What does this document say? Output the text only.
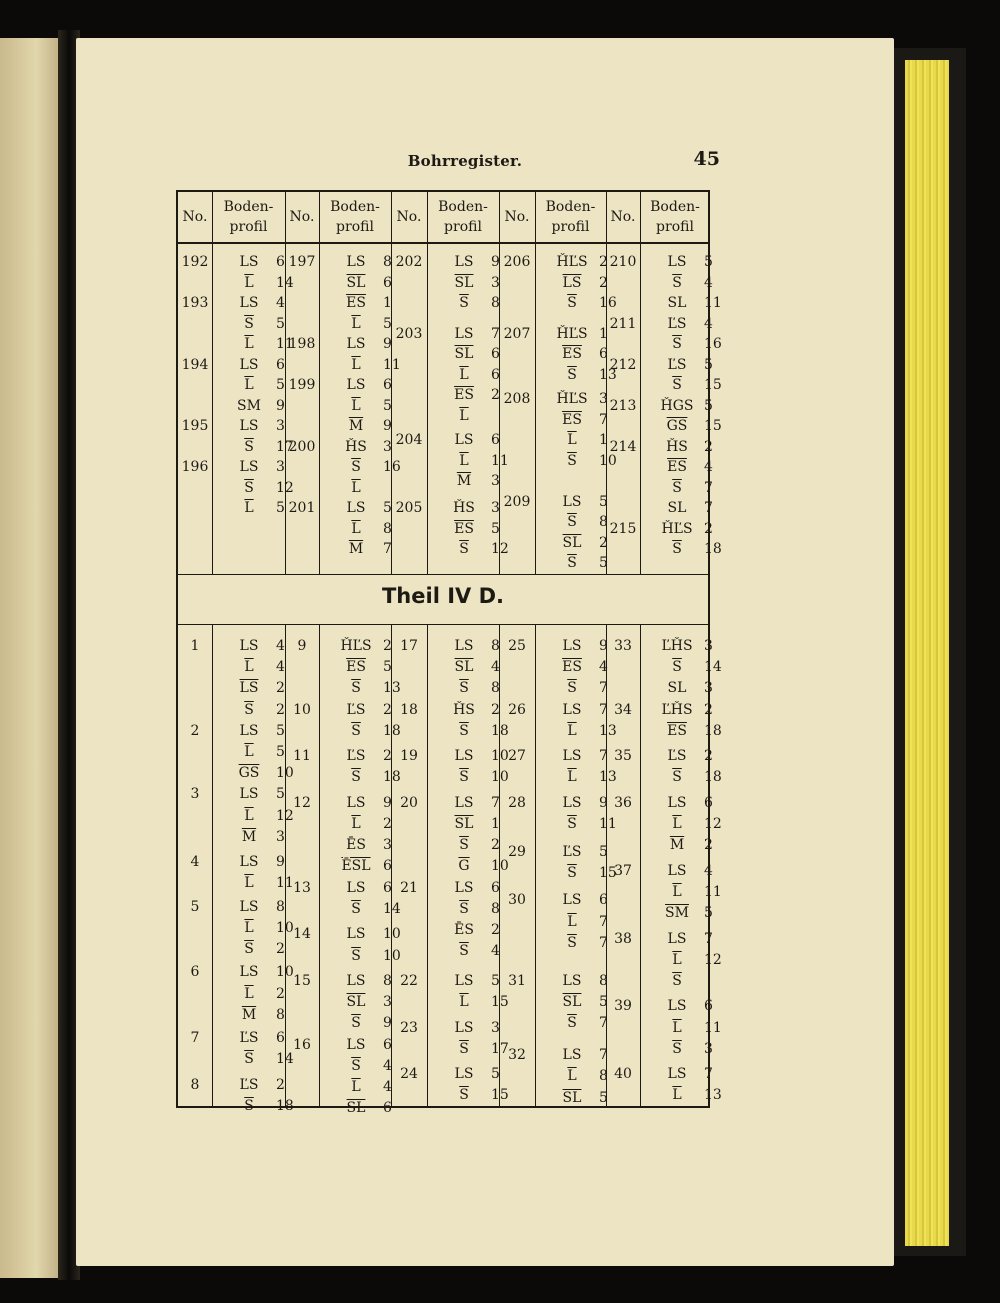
Bohrregister.	45
Theil IV D.
No.
Boden-
profil
No.
Boden-
profil
No.
Boden-
profil
No.
Boden-
profil
No.
Boden-
profil
192	LS	6
$\overline{L}$	14
193	LS	4
$\overline{S}$	5
$\overline{L}$	11
194	LS	6
$\overline{L}$	5
SM	9
195	LS	3
$\overline{S}$	17
196	LS	3
$\overline{S}$	12
$\overline{L}$	5
197	LS	8
$\overline{SL}$	6
$\overline{ES}$	1
$\overline{L}$	5
198	LS	9
$\overline{L}$	11
199	LS	6
$\overline{L}$	5
$\overline{M}$	9
200	ȞS	3
$\overline{S}$	16
$\overline{L}$
201	LS	5
$\overline{L}$	8
$\overline{M}$	7
202	LS	9
$\overline{SL}$	3
$\overline{S}$	8
203	LS	7
$\overline{SL}$	6
$\overline{L}$	6
$\overline{ES}$	2
$\overline{L}$
204	LS	6
$\overline{L}$	11
$\overline{M}$	3
205	ȞS	3
$\overline{ES}$	5
$\overline{S}$	12
206	ȞĽS 2
$\overline{LS}$	2
$\overline{S}$	16
207	ȞĽS 1
$\overline{ES}$	6
$\overline{S}$	13
208	ȞĽS 3
$\overline{ES}$	7
$\overline{L}$	1
$\overline{S}$	10
209	LS	5
$\overline{S}$	8
$\overline{SL}$	2
$\overline{S}$	5
210	LS	5
$\overline{S}$	4
SL	11
211	ĽS	4
$\overline{S}$	16
212	ĽS	5
$\overline{S}$	15
213	ȞGS 5
$\overline{GS}$	15
214	ȞS	2
$\overline{ES}$	4
$\overline{S}$	7
SL	7
215	ȞĽS 2
$\overline{S}$	18
1	LS	4
$\overline{L}$	4
$\overline{LS}$	2
$\overline{S}$	2
2	LS	5
$\overline{L}$	5
$\overline{GS}$	10
3	LS	5
$\overline{L}$	12
$\overline{M}$	3
4	LS	9
$\overline{L}$	11
5	LS	8
$\overline{L}$	10
$\overline{S}$	2
6	LS	10
$\overline{L}$	2
$\overline{M}$	8
7	ĽS	6
$\overline{S}$	14
8	ĽS	2
$\overline{S}$	18
9	ȞĽS 2
$\overline{ES}$	5
$\overline{S}$	13
10	ĽS	2
$\overline{S}$	18
11	ĽS	2
$\overline{S}$	18
12	LS	9
$\overline{L}$	2
ĒS	3
$\overline{ĒSL}$ 6
13	LS	6
$\overline{S}$	14
14	LS	10
$\overline{S}$	10
15	LS	8
$\overline{SL}$	3
$\overline{S}$	9
16	LS	6
$\overline{S}$	4
$\overline{L}$	4
$\overline{SL}$	6
17	LS	8
$\overline{SL}$	4
$\overline{S}$	8
18	ȞS	2
$\overline{S}$	18
19	LS	10
$\overline{S}$	10
20	LS	7
$\overline{SL}$	1
$\overline{S}$	2
$\overline{G}$	10
21	LS	6
$\overline{S}$	8
ĒS	2
$\overline{S}$	4
22	LS	5
$\overline{L}$	15
23	LS	3
$\overline{S}$	17
24	LS	5
$\overline{S}$	15
25	LS	9
$\overline{ES}$	4
$\overline{S}$	7
26	LS	7
$\overline{L}$	13
27	LS	7
$\overline{L}$	13
28	LS	9
$\overline{S}$	11
29	ĽS	5
$\overline{S}$	15
30	LS	6
$\overline{L}$	7
$\overline{S}$	7
31	LS	8
$\overline{SL}$	5
$\overline{S}$	7
32	LS	7
$\overline{L}$	8
$\overline{SL}$	5
33	ĽȞS 3
$\overline{S}$	14
SL	3
34	ĽȞS 2
$\overline{ES}$	18
35	ĽS	2
$\overline{S}$	18
36	LS	6
$\overline{L}$	12
$\overline{M}$	2
37	LS	4
$\overline{L}$	11
$\overline{SM}$	5
38	LS	7
$\overline{L}$	12
$\overline{S}$
39	LS	6
$\overline{L}$	11
$\overline{S}$	3
40	LS	7
$\overline{L}$	13
